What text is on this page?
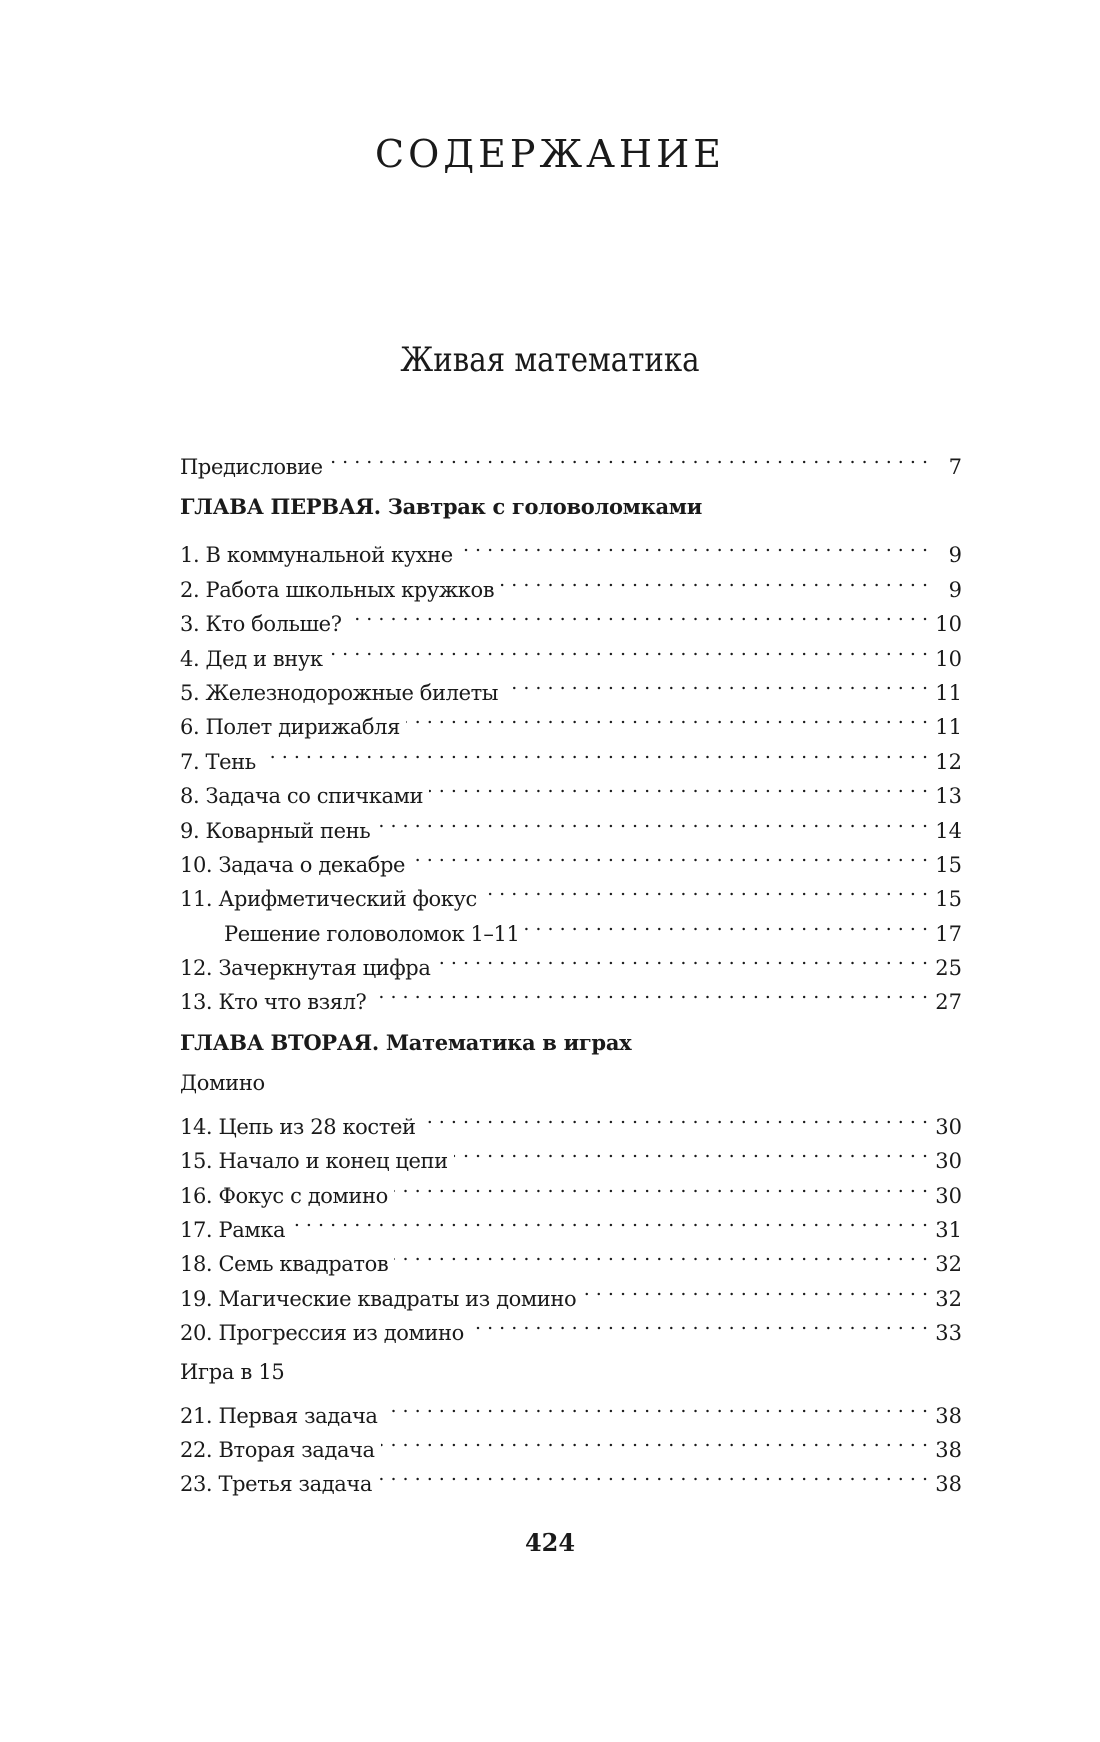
СОДЕРЖАНИЕ
Живая математика
Предисловие . . .	7
ГЛАВА ПЕРВАЯ. Завтрак с головоломками
1. В коммунальной кухне . . .	9
2. Работа школьных кружков . . .	9
3. Кто больше? . . .	10
4. Дед и внук . . .	10
5. Железнодорожные билеты . . .	11
6. Полет дирижабля . . .	11
7. Тень . . .	12
8. Задача со спичками . . .	13
9. Коварный пень . . .	14
10. Задача о декабре . . .	15
11. Арифметический фокус . . .	15
Решение головоломок 1–11 . . .	17
12. Зачеркнутая цифра . . .	25
13. Кто что взял? . . .	27
ГЛАВА ВТОРАЯ. Математика в играх
Домино
14. Цепь из 28 костей . . .	30
15. Начало и конец цепи . . .	30
16. Фокус с домино . . .	30
17. Рамка . . .	31
18. Семь квадратов . . .	32
19. Магические квадраты из домино . . .	32
20. Прогрессия из домино . . .	33
Игра в 15
21. Первая задача . . .	38
22. Вторая задача . . .	38
23. Третья задача . . .	38
424
